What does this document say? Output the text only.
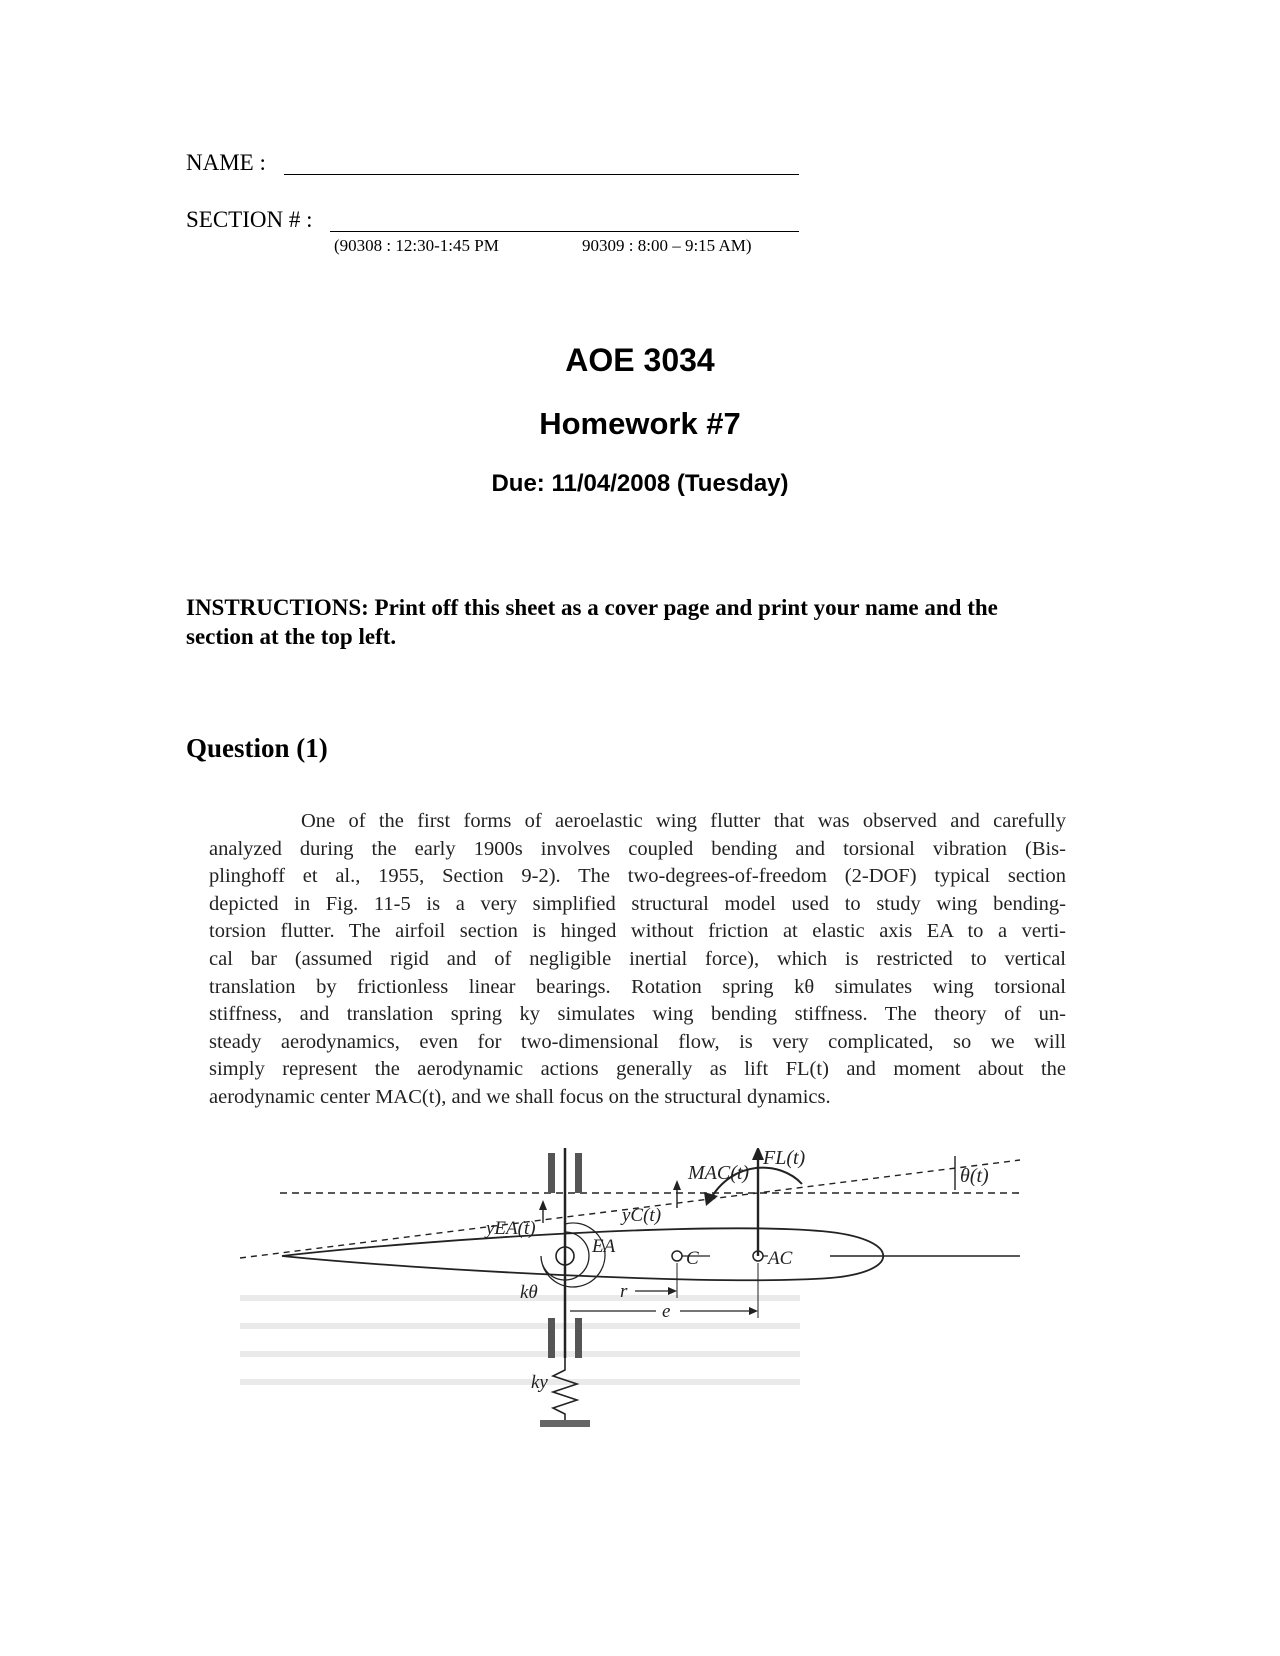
NAME :
SECTION # :
(90308 : 12:30-1:45 PM	90309 : 8:00 – 9:15 AM)
AOE 3034
Homework #7
Due: 11/04/2008 (Tuesday)
INSTRUCTIONS: Print off this sheet as a cover page and print your name and the
section at the top left.
Question (1)
One of the first forms of aeroelastic wing flutter that was observed and carefully
analyzed during the early 1900s involves coupled bending and torsional vibration (Bis-
plinghoff et al., 1955, Section 9-2). The two-degrees-of-freedom (2-DOF) typical section
depicted in Fig. 11-5 is a very simplified structural model used to study wing bending-
torsion flutter. The airfoil section is hinged without friction at elastic axis EA to a verti-
cal bar (assumed rigid and of negligible inertial force), which is restricted to vertical
translation by frictionless linear bearings. Rotation spring kθ simulates wing torsional
stiffness, and translation spring ky simulates wing bending stiffness. The theory of un-
steady aerodynamics, even for two-dimensional flow, is very complicated, so we will
simply represent the aerodynamic actions generally as lift FL(t) and moment about the
aerodynamic center MAC(t), and we shall focus on the structural dynamics.
MAC(t)
FL(t)
θ(t)
yC(t)
yEA(t)
EA
C	AC
kθ	r
e
ky
